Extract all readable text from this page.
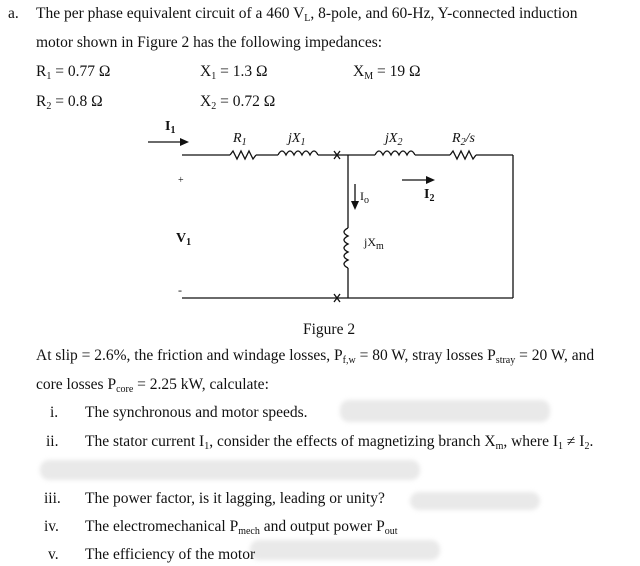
a. The per phase equivalent circuit of a 460 $V_L$, 8-pole, and 60-Hz, Y-connected induction
motor shown in Figure 2 has the following impedances:
$R_1 = 0.77$ Ω	$X_1 = 1.3$ Ω	$X_M = 19$ Ω
$R_2 = 0.8$ Ω	$X_2 = 0.72$ Ω
$I_1$
$R_1$	$jX_1$	$jX_2$	$R_2/s$
+
-
$V_1$
$I_o$
$jX_m$
$I_2$
Figure 2
At slip = 2.6%, the friction and windage losses, $P_{f,w} = 80$ W, stray losses $P_{stray} = 20$ W, and
core losses $P_{core} = 2.25$ kW, calculate:
i. The synchronous and motor speeds.
ii. The stator current $I_1$, consider the effects of magnetizing branch $X_m$, where $I_1 \ne I_2$.
iii. The power factor, is it lagging, leading or unity?
iv. The electromechanical $P_{mech}$ and output power $P_{out}$
v. The efficiency of the motor
